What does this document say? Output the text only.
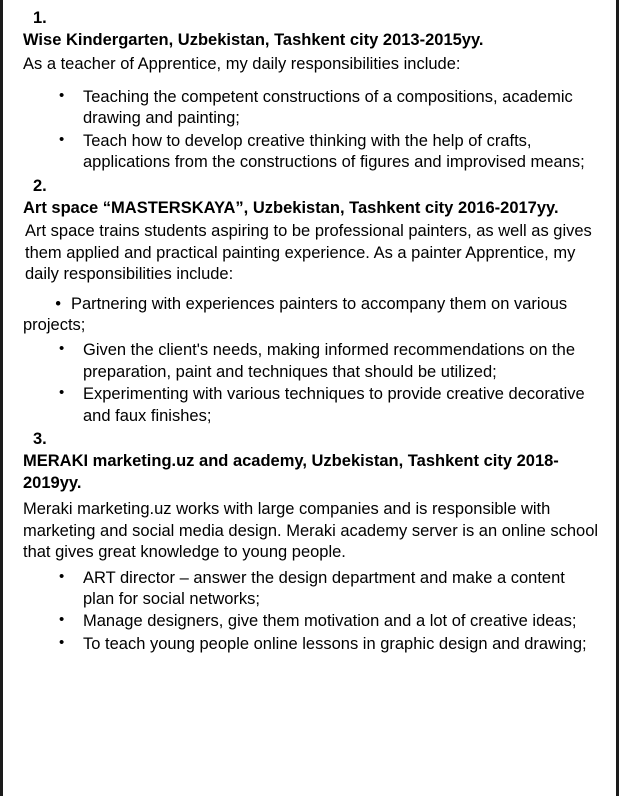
1.
Wise Kindergarten, Uzbekistan, Tashkent city 2013-2015yy.
As a teacher of Apprentice, my daily responsibilities include:
• Teaching the competent constructions of a compositions, academic drawing and painting;
• Teach how to develop creative thinking with the help of crafts, applications from the constructions of figures and improvised means;
2.
Art space “MASTERSKAYA”, Uzbekistan, Tashkent city 2016-2017yy.
Art space trains students aspiring to be professional painters, as well as gives them applied and practical painting experience. As a painter Apprentice, my daily responsibilities include:
• Partnering with experiences painters to accompany them on various projects;
• Given the client's needs, making informed recommendations on the preparation, paint and techniques that should be utilized;
• Experimenting with various techniques to provide creative decorative and faux finishes;
3.
MERAKI marketing.uz and academy, Uzbekistan, Tashkent city 2018-2019yy.
Meraki marketing.uz works with large companies and is responsible with marketing and social media design. Meraki academy server is an online school that gives great knowledge to young people.
• ART director – answer the design department and make a content plan for social networks;
• Manage designers, give them motivation and a lot of creative ideas;
• To teach young people online lessons in graphic design and drawing;
